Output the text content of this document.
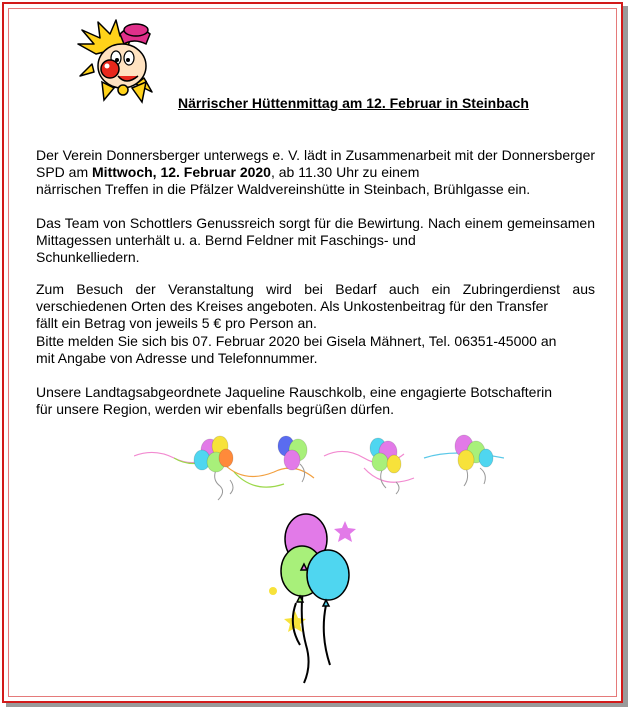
Närrischer Hüttenmittag am 12. Februar in Steinbach
Der Verein Donnersberger unterwegs e. V. lädt in Zusammenarbeit mit der Donnersberger SPD am Mittwoch, 12. Februar 2020, ab 11.30 Uhr zu einem
närrischen Treffen in die Pfälzer Waldvereinshütte in Steinbach, Brühlgasse ein.
Das Team von Schottlers Genussreich sorgt für die Bewirtung. Nach einem gemeinsamen Mittagessen unterhält u. a. Bernd Feldner mit Faschings- und
Schunkelliedern.
Zum Besuch der Veranstaltung wird bei Bedarf auch ein Zubringerdienst aus verschiedenen Orten des Kreises angeboten. Als Unkostenbeitrag für den Transfer
fällt ein Betrag von jeweils 5 € pro Person an.
Bitte melden Sie sich bis 07. Februar 2020 bei Gisela Mähnert, Tel. 06351-45000 an
mit Angabe von Adresse und Telefonnummer.
Unsere Landtagsabgeordnete Jaqueline Rauschkolb, eine engagierte Botschafterin
für unsere Region, werden wir ebenfalls begrüßen dürfen.
